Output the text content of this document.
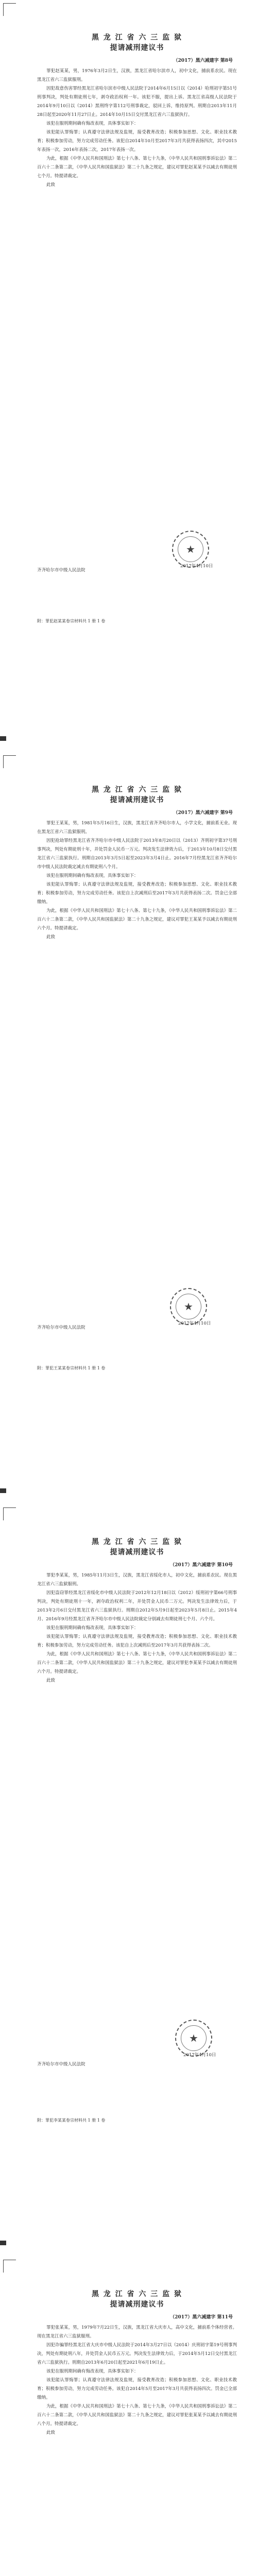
黑 龙 江 省 六 三 监 狱
提请减刑建议书
（2017）黑六减建字 第8号

罪犯赵某某，男，1976年3月2日生，汉族，黑龙江省哈尔滨市人，初中文化，捕前系农民。现在黑龙江省六三监狱服刑。

因犯故意伤害罪经黑龙江省哈尔滨市中级人民法院于2014年6月15日以（2014）哈刑初字第51号刑事判决，判处有期徒刑七年，剥夺政治权利一年。该犯不服，提出上诉。黑龙江省高级人民法院于2014年9月10日以（2014）黑刑终字第112号刑事裁定，驳回上诉，维持原判。刑期自2013年11月28日起至2020年11月27日止。2014年10月15日交付黑龙江省六三监狱执行。

该犯在服刑期间确有悔改表现，具体事实如下：

该犯能认罪悔罪；认真遵守法律法规及监规，接受教育改造；积极参加思想、文化、职业技术教育；积极参加劳动，努力完成劳动任务。该犯自2014年10月至2017年3月共获得表扬四次，其中2015年表扬一次，2016年表扬二次，2017年表扬一次。

为此，根据《中华人民共和国刑法》第七十八条、第七十九条，《中华人民共和国刑事诉讼法》第二百六十二条第二款，《中华人民共和国监狱法》第二十九条之规定，建议对罪犯赵某某予以减去有期徒刑七个月。特提请裁定。

此致

齐齐哈尔市中级人民法院
★
2017年4月10日
附：罪犯赵某某卷宗材料共 1 册 1 卷
黑 龙 江 省 六 三 监 狱
提请减刑建议书
（2017）黑六减建字 第9号

罪犯王某某，男，1981年5月16日生，汉族，黑龙江省齐齐哈尔市人，小学文化，捕前系无业。现在黑龙江省六三监狱服刑。

因犯抢劫罪经黑龙江省齐齐哈尔市中级人民法院于2013年8月20日以（2013）齐刑初字第37号刑事判决，判处有期徒刑十年，并处罚金人民币一万元。判决发生法律效力后，于2013年10月8日交付黑龙江省六三监狱执行。刑期自2013年3月5日起至2023年3月4日止。2016年7月经黑龙江省齐齐哈尔市中级人民法院裁定减去有期徒刑八个月。

该犯在服刑期间确有悔改表现，具体事实如下：

该犯能认罪悔罪；认真遵守法律法规及监规，接受教育改造；积极参加思想、文化、职业技术教育；积极参加劳动，努力完成劳动任务。该犯自上次减刑后至2017年3月共获得表扬二次。罚金已全部缴纳。

为此，根据《中华人民共和国刑法》第七十八条、第七十九条，《中华人民共和国刑事诉讼法》第二百六十二条第二款，《中华人民共和国监狱法》第二十九条之规定，建议对罪犯王某某予以减去有期徒刑六个月。特提请裁定。

此致

齐齐哈尔市中级人民法院
★
2017年4月10日
附：罪犯王某某卷宗材料共 1 册 1 卷
黑 龙 江 省 六 三 监 狱
提请减刑建议书
（2017）黑六减建字 第10号

罪犯李某某，男，1985年11月3日生，汉族，黑龙江省绥化市人，初中文化，捕前系农民。现在黑龙江省六三监狱服刑。

因犯盗窃罪经黑龙江省绥化市中级人民法院于2012年12月18日以（2012）绥刑初字第66号刑事判决，判处有期徒刑十一年，剥夺政治权利二年，并处罚金人民币二万元。判决发生法律效力后，于2013年2月6日交付黑龙江省六三监狱执行。刑期自2012年5月9日起至2023年5月8日止。2015年4月、2016年9月经黑龙江省齐齐哈尔市中级人民法院裁定分别减去有期徒刑七个月、六个月。

该犯在服刑期间确有悔改表现，具体事实如下：

该犯能认罪悔罪；认真遵守法律法规及监规，接受教育改造；积极参加思想、文化、职业技术教育；积极参加劳动，努力完成劳动任务。该犯自上次减刑后至2017年3月共获得表扬二次。

为此，根据《中华人民共和国刑法》第七十八条、第七十九条，《中华人民共和国刑事诉讼法》第二百六十二条第二款，《中华人民共和国监狱法》第二十九条之规定，建议对罪犯李某某予以减去有期徒刑六个月。特提请裁定。

此致

齐齐哈尔市中级人民法院
★
2017年4月10日
附：罪犯李某某卷宗材料共 1 册 1 卷
黑 龙 江 省 六 三 监 狱
提请减刑建议书
（2017）黑六减建字 第11号

罪犯张某某，男，1979年7月22日生，汉族，黑龙江省大庆市人，高中文化，捕前系个体经营者。现在黑龙江省六三监狱服刑。

因犯诈骗罪经黑龙江省大庆市中级人民法院于2014年3月27日以（2014）庆刑初字第19号刑事判决，判处有期徒刑八年，并处罚金人民币五万元。判决发生法律效力后，于2014年5月12日交付黑龙江省六三监狱执行。刑期自2013年6月20日起至2021年6月19日止。

该犯在服刑期间确有悔改表现，具体事实如下：

该犯能认罪悔罪；认真遵守法律法规及监规，接受教育改造；积极参加思想、文化、职业技术教育；积极参加劳动，努力完成劳动任务。该犯自2014年5月至2017年3月共获得表扬四次。罚金已全部缴纳。

为此，根据《中华人民共和国刑法》第七十八条、第七十九条，《中华人民共和国刑事诉讼法》第二百六十二条第二款，《中华人民共和国监狱法》第二十九条之规定，建议对罪犯张某某予以减去有期徒刑八个月。特提请裁定。

此致
